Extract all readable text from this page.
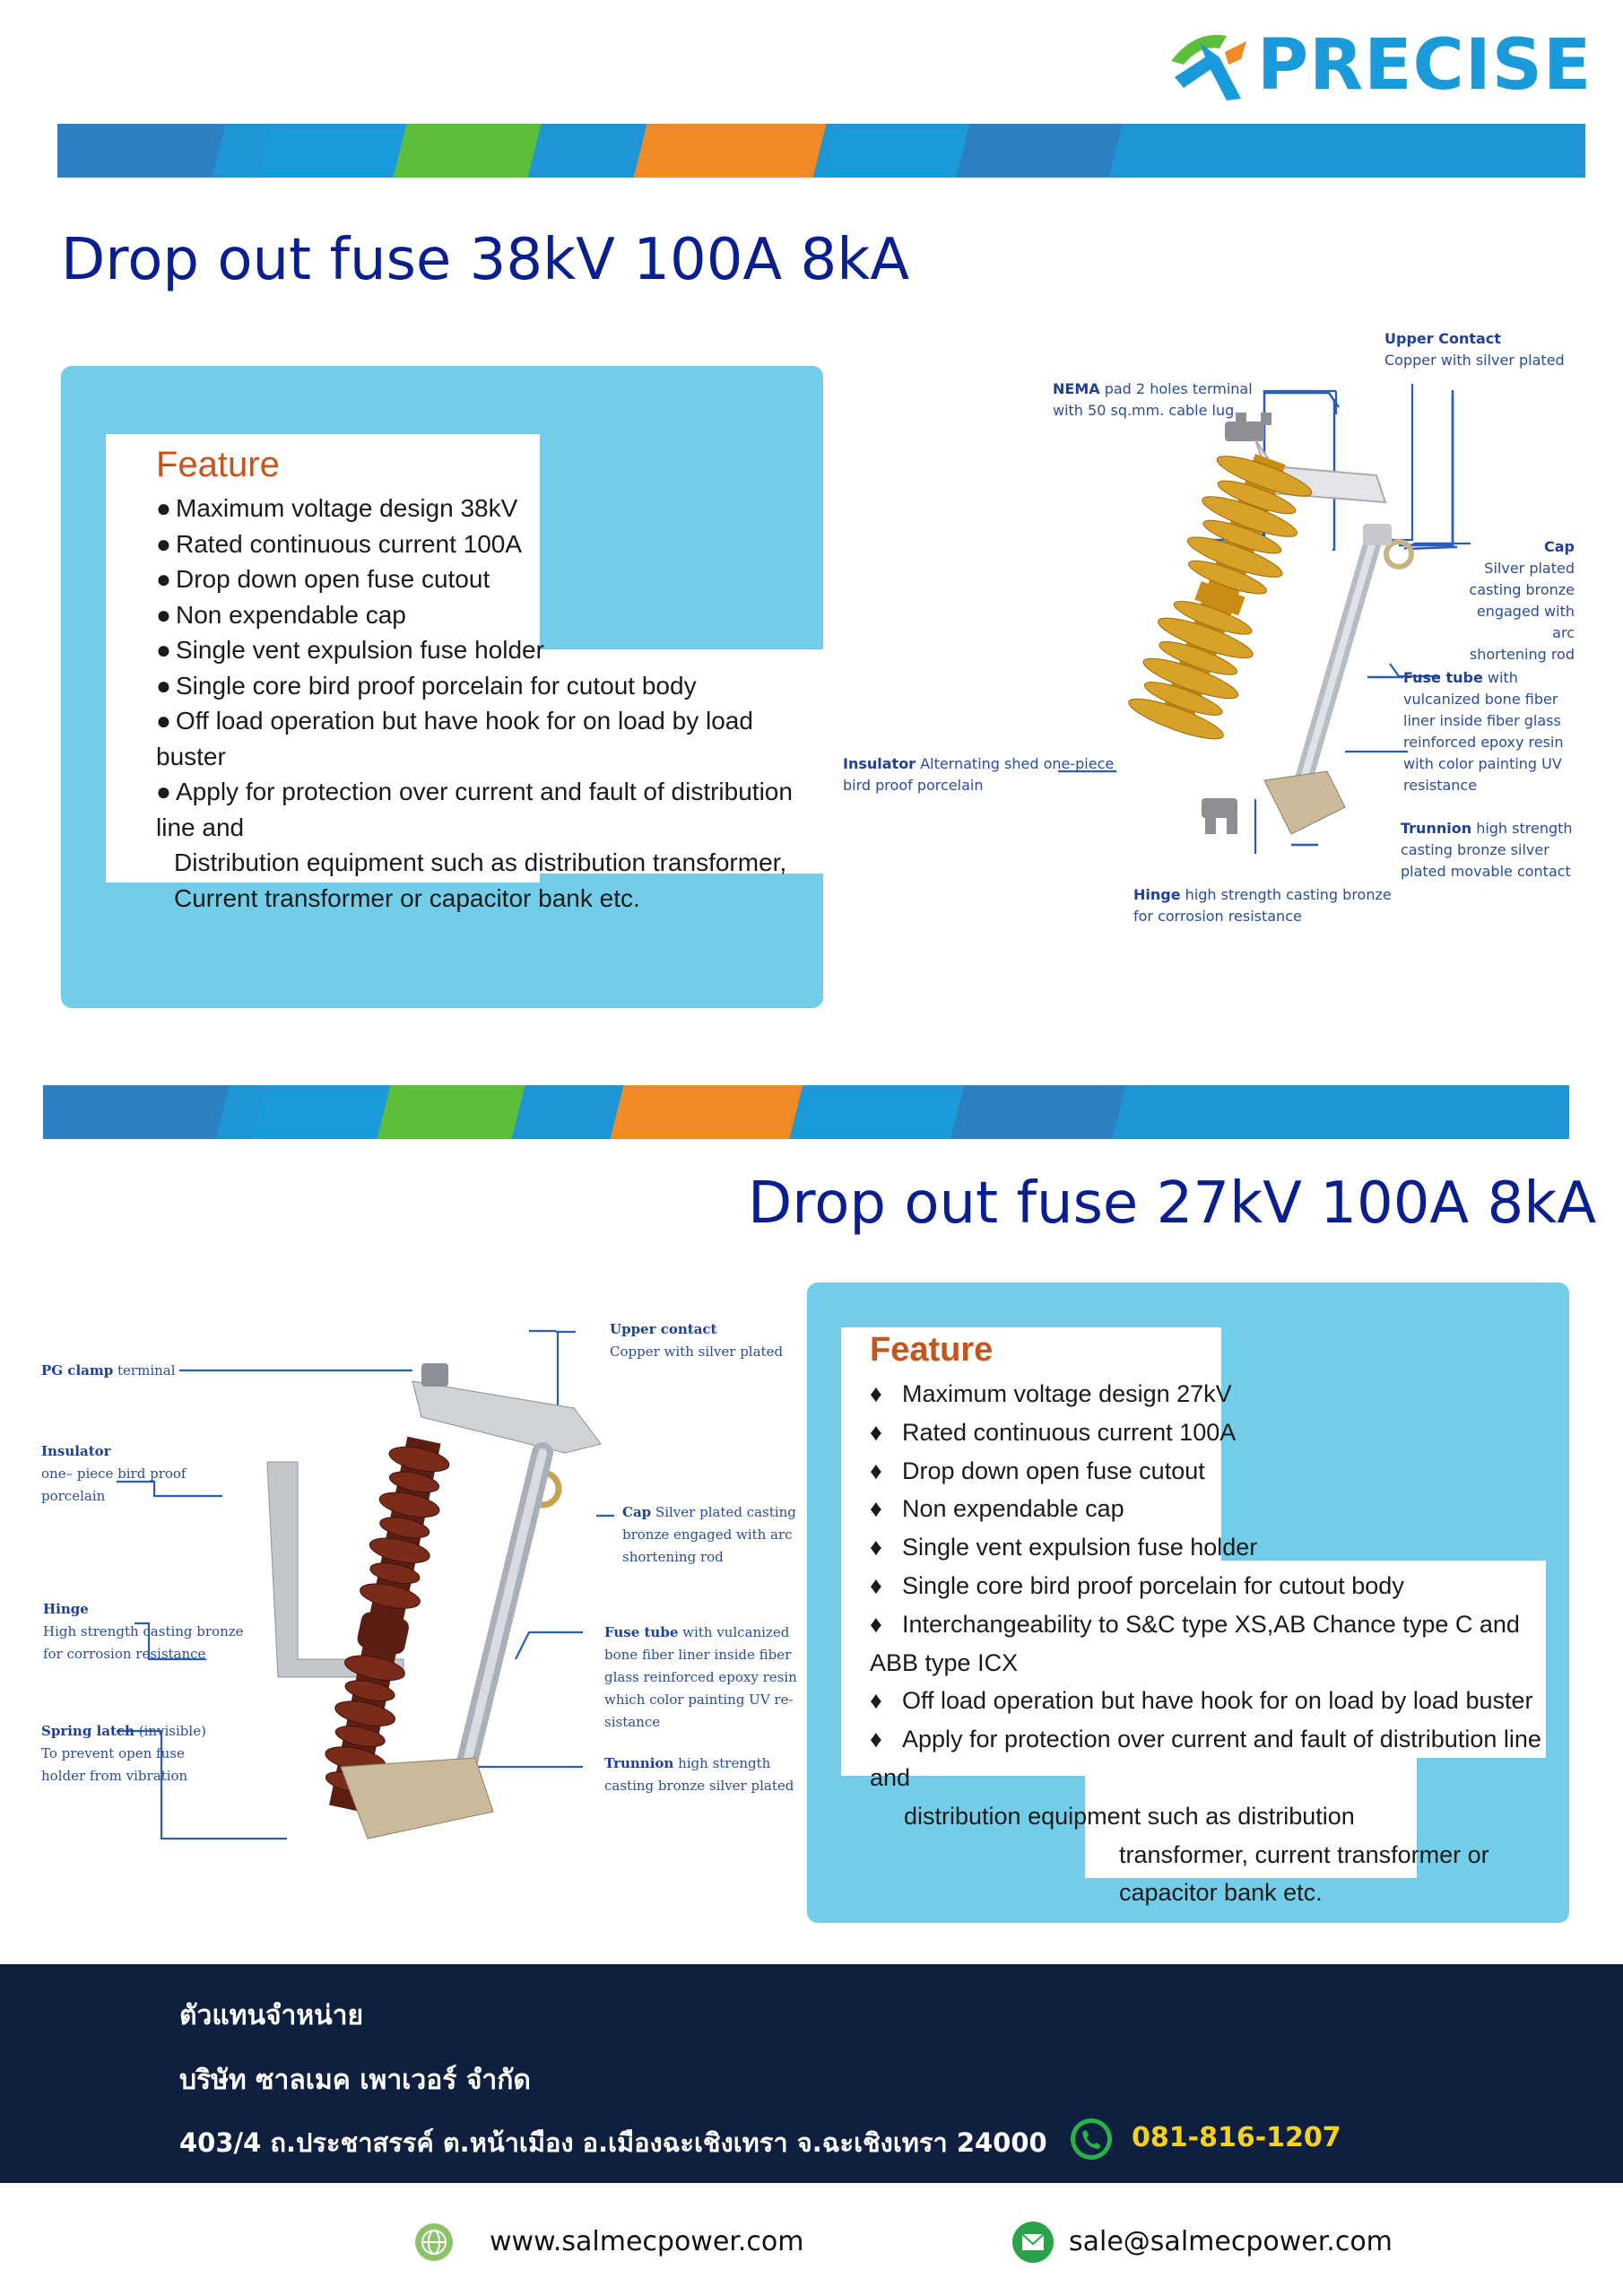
PRECISE
Drop out fuse 38kV 100A 8kA
Feature
● Maximum voltage design 38kV
● Rated continuous current 100A
● Drop down open fuse cutout
● Non expendable cap
● Single vent expulsion fuse holder
● Single core bird proof porcelain for cutout body
● Off load operation but have hook for on load by load buster
● Apply for protection over current and fault of distribution line and
Distribution equipment such as distribution transformer,
Current transformer or capacitor bank etc.
Upper Contact
Copper with silver plated
NEMA pad 2 holes terminal
with 50 sq.mm. cable lug
Cap
Silver plated
casting bronze
engaged with arc
shortening rod
Fuse tube with
vulcanized bone fiber
liner inside fiber glass
reinforced epoxy resin
with color painting UV
resistance
Insulator Alternating shed one-piece
bird proof porcelain
Trunnion high strength
casting bronze silver
plated movable contact
Hinge high strength casting bronze
for corrosion resistance
Drop out fuse 27kV 100A 8kA
PG clamp terminal
Upper contact
Copper with silver plated
Insulator
one– piece bird proof
porcelain
Cap Silver plated casting
bronze engaged with arc
shortening rod
Hinge
High strength casting bronze
for corrosion resistance
Fuse tube with vulcanized
bone fiber liner inside fiber
glass reinforced epoxy resin
which color painting UV re-
sistance
Spring latch (invisible)
To prevent open fuse
holder from vibration
Trunnion high strength
casting bronze silver plated
Feature
♦ Maximum voltage design 27kV
♦ Rated continuous current 100A
♦ Drop down open fuse cutout
♦ Non expendable cap
♦ Single vent expulsion fuse holder
♦ Single core bird proof porcelain for cutout body
♦ Interchangeability to S&C type XS,AB Chance type C and ABB type ICX
♦ Off load operation but have hook for on load by load buster
♦ Apply for protection over current and fault of distribution line and
distribution equipment such as distribution
transformer, current transformer or
capacitor bank etc.
ตัวแทนจำหน่าย
บริษัท ซาลเมค เพาเวอร์ จำกัด
403/4 ถ.ประชาสรรค์ ต.หน้าเมือง อ.เมืองฉะเชิงเทรา จ.ฉะเชิงเทรา 24000	081-816-1207
www.salmecpower.com	sale@salmecpower.com
